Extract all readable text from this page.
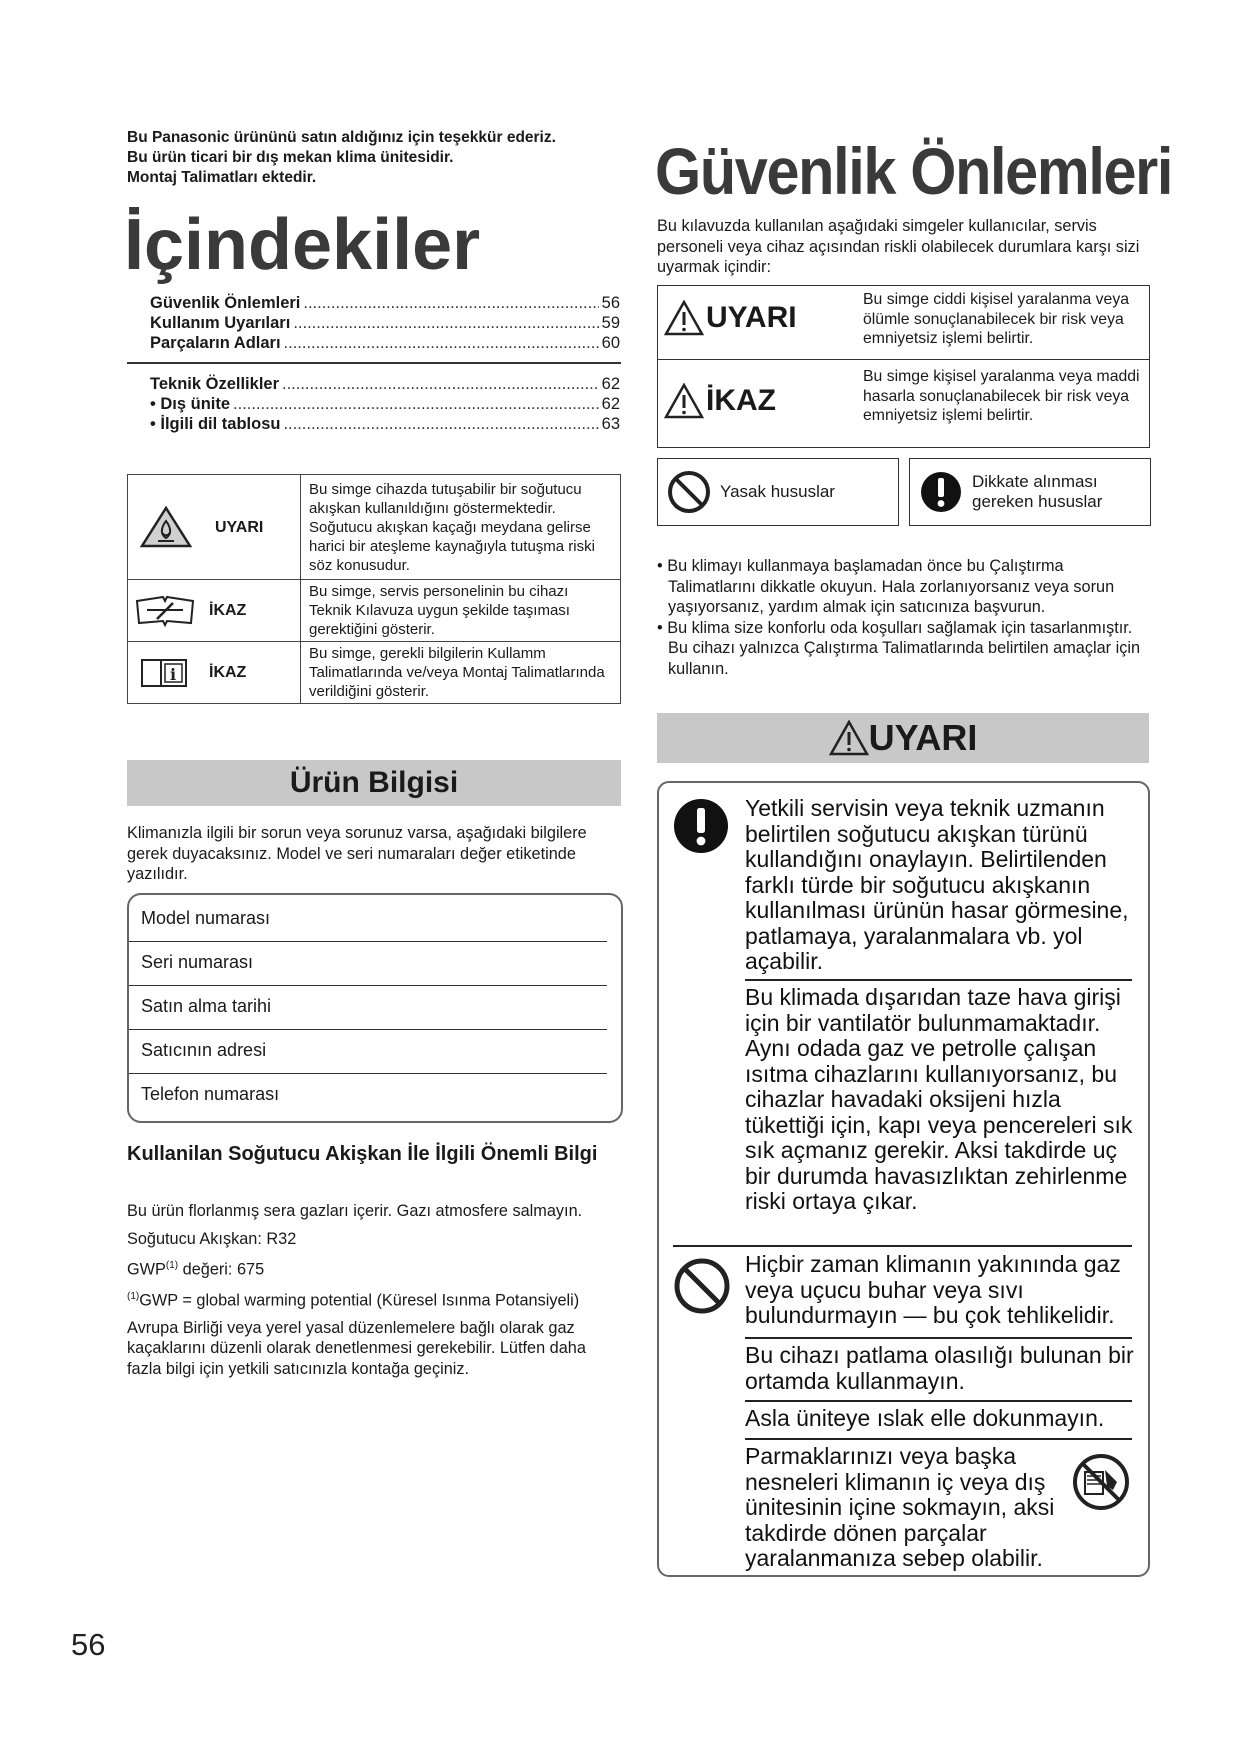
Bu Panasonic ürününü satın aldığınız için teşekkür ederiz.
Bu ürün ticari bir dış mekan klima ünitesidir.
Montaj Talimatları ektedir.
İçindekiler
Güvenlik Önlemleri .....	56
Kullanım Uyarıları .....	59
Parçaların Adları .....	60
Teknik Özellikler .....	62
• Dış ünite .....	62
• İlgili dil tablosu .....	63
UYARI	Bu simge cihazda tutuşabilir bir soğutucu akışkan kullanıldığını göstermektedir. Soğutucu akışkan kaçağı meydana gelirse harici bir ateşleme kaynağıyla tutuşma riski söz konusudur.

İKAZ	Bu simge, servis personelinin bu cihazı Teknik Kılavuza uygun şekilde taşıması gerektiğini gösterir.

i İKAZ	Bu simge, gerekli bilgilerin Kullamm Talimatlarında ve/veya Montaj Talimatlarında verildiğini gösterir.
Ürün Bilgisi
Klimanızla ilgili bir sorun veya sorunuz varsa, aşağıdaki bilgilere gerek duyacaksınız. Model ve seri numaraları değer etiketinde yazılıdır.
Model numarası
Seri numarası
Satın alma tarihi
Satıcının adresi
Telefon numarası
Kullanilan Soğutucu Akişkan İle İlgili Önemli Bilgi
Bu ürün florlanmış sera gazları içerir. Gazı atmosfere salmayın.
Soğutucu Akışkan: R32
GWP$^{(1)}$ değeri: 675
$^{(1)}$GWP = global warming potential (Küresel Isınma Potansiyeli)
Avrupa Birliği veya yerel yasal düzenlemelere bağlı olarak gaz kaçaklarını düzenli olarak denetlenmesi gerekebilir. Lütfen daha fazla bilgi için yetkili satıcınızla kontağa geçiniz.
56
Güvenlik Önlemleri
Bu kılavuzda kullanılan aşağıdaki simgeler kullanıcılar, servis personeli veya cihaz açısından riskli olabilecek durumlara karşı sizi uyarmak içindir:
UYARI
Bu simge ciddi kişisel yaralanma veya ölümle sonuçlanabilecek bir risk veya emniyetsiz işlemi belirtir.
İKAZ
Bu simge kişisel yaralanma veya maddi hasarla sonuçlanabilecek bir risk veya emniyetsiz işlemi belirtir.
Yasak hususlar
Dikkate alınması gereken hususlar
• Bu klimayı kullanmaya başlamadan önce bu Çalıştırma Talimatlarını dikkatle okuyun. Hala zorlanıyorsanız veya sorun yaşıyorsanız, yardım almak için satıcınıza başvurun.
• Bu klima size konforlu oda koşulları sağlamak için tasarlanmıştır. Bu cihazı yalnızca Çalıştırma Talimatlarında belirtilen amaçlar için kullanın.
UYARI
Yetkili servisin veya teknik uzmanın belirtilen soğutucu akışkan türünü kullandığını onaylayın. Belirtilenden farklı türde bir soğutucu akışkanın kullanılması ürünün hasar görmesine, patlamaya, yaralanmalara vb. yol açabilir.
Bu klimada dışarıdan taze hava girişi için bir vantilatör bulunmamaktadır. Aynı odada gaz ve petrolle çalışan ısıtma cihazlarını kullanıyorsanız, bu cihazlar havadaki oksijeni hızla tükettiği için, kapı veya pencereleri sık sık açmanız gerekir. Aksi takdirde uç bir durumda havasızlıktan zehirlenme riski ortaya çıkar.
Hiçbir zaman klimanın yakınında gaz veya uçucu buhar veya sıvı bulundurmayın — bu çok tehlikelidir.
Bu cihazı patlama olasılığı bulunan bir ortamda kullanmayın.
Asla üniteye ıslak elle dokunmayın.
Parmaklarınızı veya başka nesneleri klimanın iç veya dış ünitesinin içine sokmayın, aksi takdirde dönen parçalar yaralanmanıza sebep olabilir.
